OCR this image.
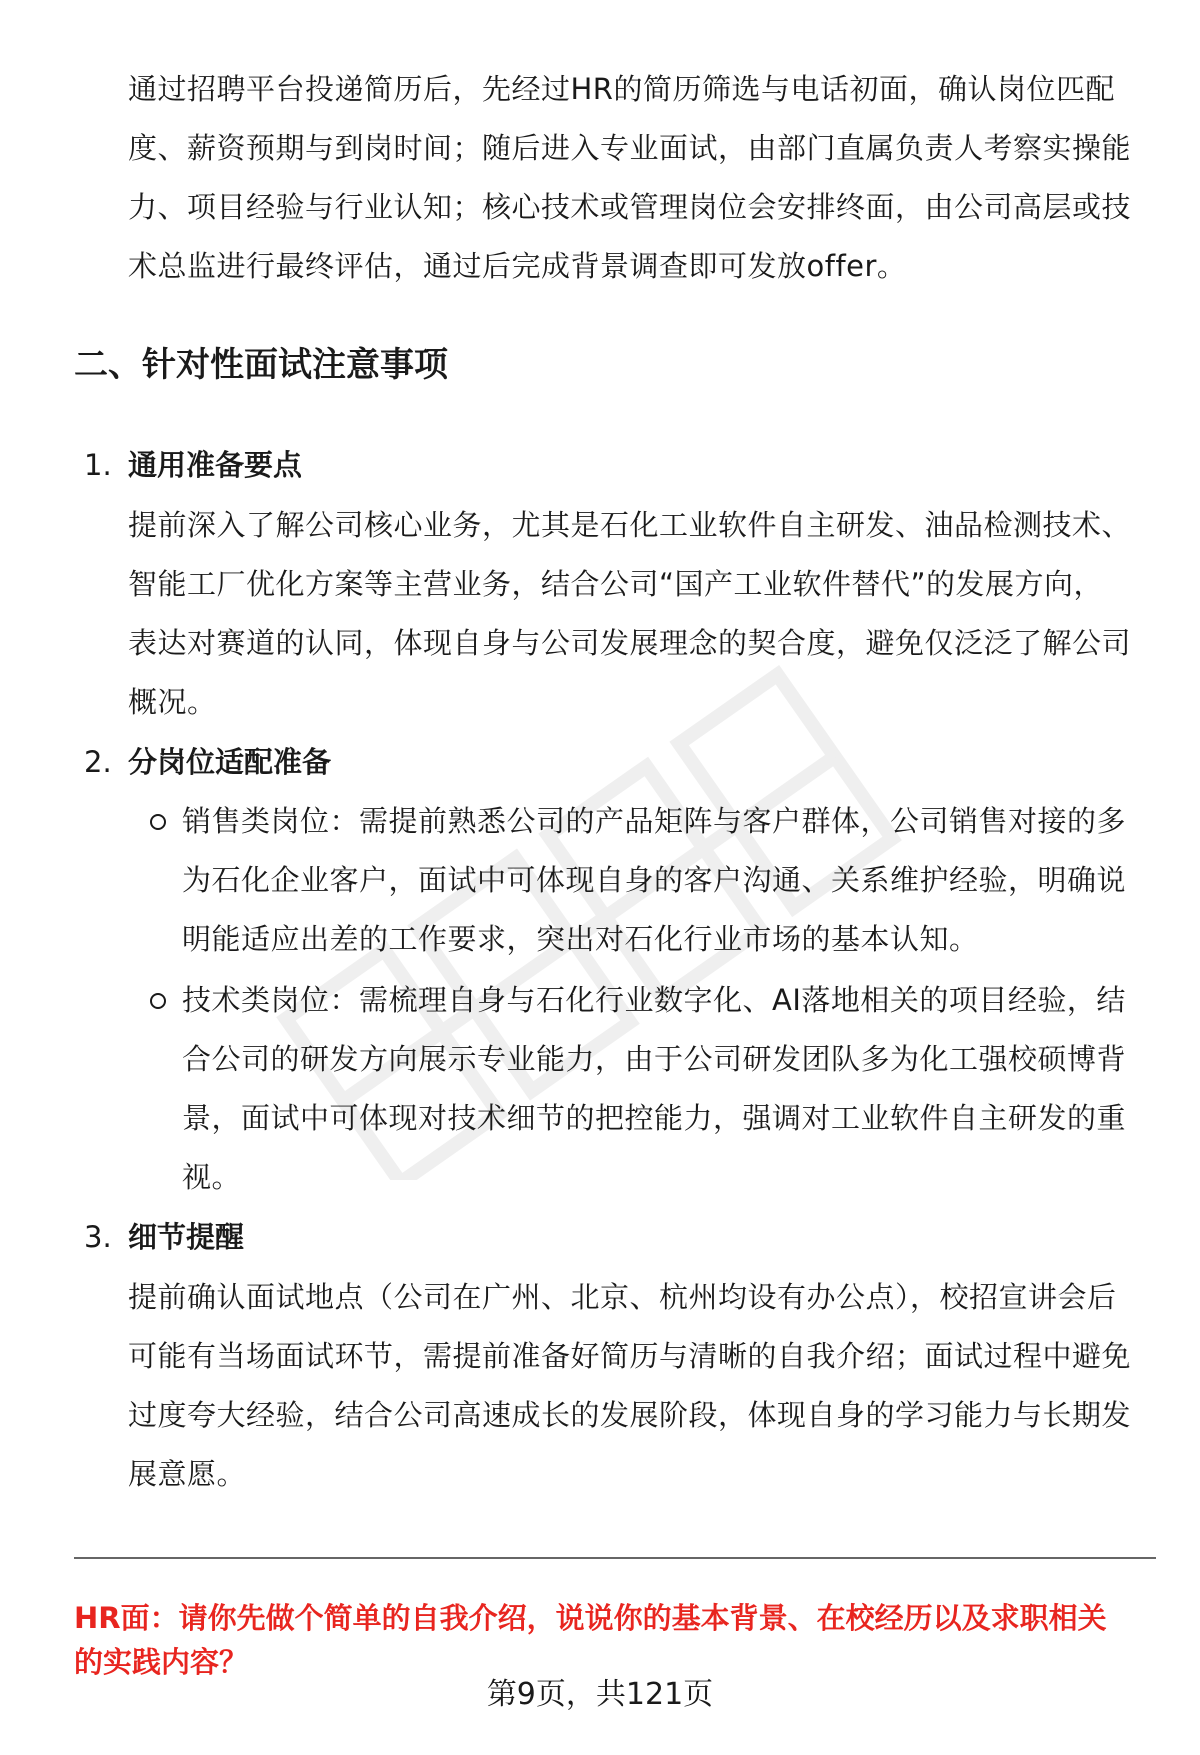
通过招聘平台投递简历后，先经过HR的简历筛选与电话初面，确认岗位匹配
度、薪资预期与到岗时间；随后进入专业面试，由部门直属负责人考察实操能
力、项目经验与行业认知；核心技术或管理岗位会安排终面，由公司高层或技
术总监进行最终评估，通过后完成背景调查即可发放offer。
二、针对性面试注意事项
1. 通用准备要点
提前深入了解公司核心业务，尤其是石化工业软件自主研发、油品检测技术、
智能工厂优化方案等主营业务，结合公司“国产工业软件替代”的发展方向，
表达对赛道的认同，体现自身与公司发展理念的契合度，避免仅泛泛了解公司
概况。
2. 分岗位适配准备
销售类岗位：需提前熟悉公司的产品矩阵与客户群体，公司销售对接的多
为石化企业客户，面试中可体现自身的客户沟通、关系维护经验，明确说
明能适应出差的工作要求，突出对石化行业市场的基本认知。
技术类岗位：需梳理自身与石化行业数字化、AI落地相关的项目经验，结
合公司的研发方向展示专业能力，由于公司研发团队多为化工强校硕博背
景，面试中可体现对技术细节的把控能力，强调对工业软件自主研发的重
视。
3. 细节提醒
提前确认面试地点（公司在广州、北京、杭州均设有办公点），校招宣讲会后
可能有当场面试环节，需提前准备好简历与清晰的自我介绍；面试过程中避免
过度夸大经验，结合公司高速成长的发展阶段，体现自身的学习能力与长期发
展意愿。
HR面：请你先做个简单的自我介绍，说说你的基本背景、在校经历以及求职相关
的实践内容？
第9页，共121页
